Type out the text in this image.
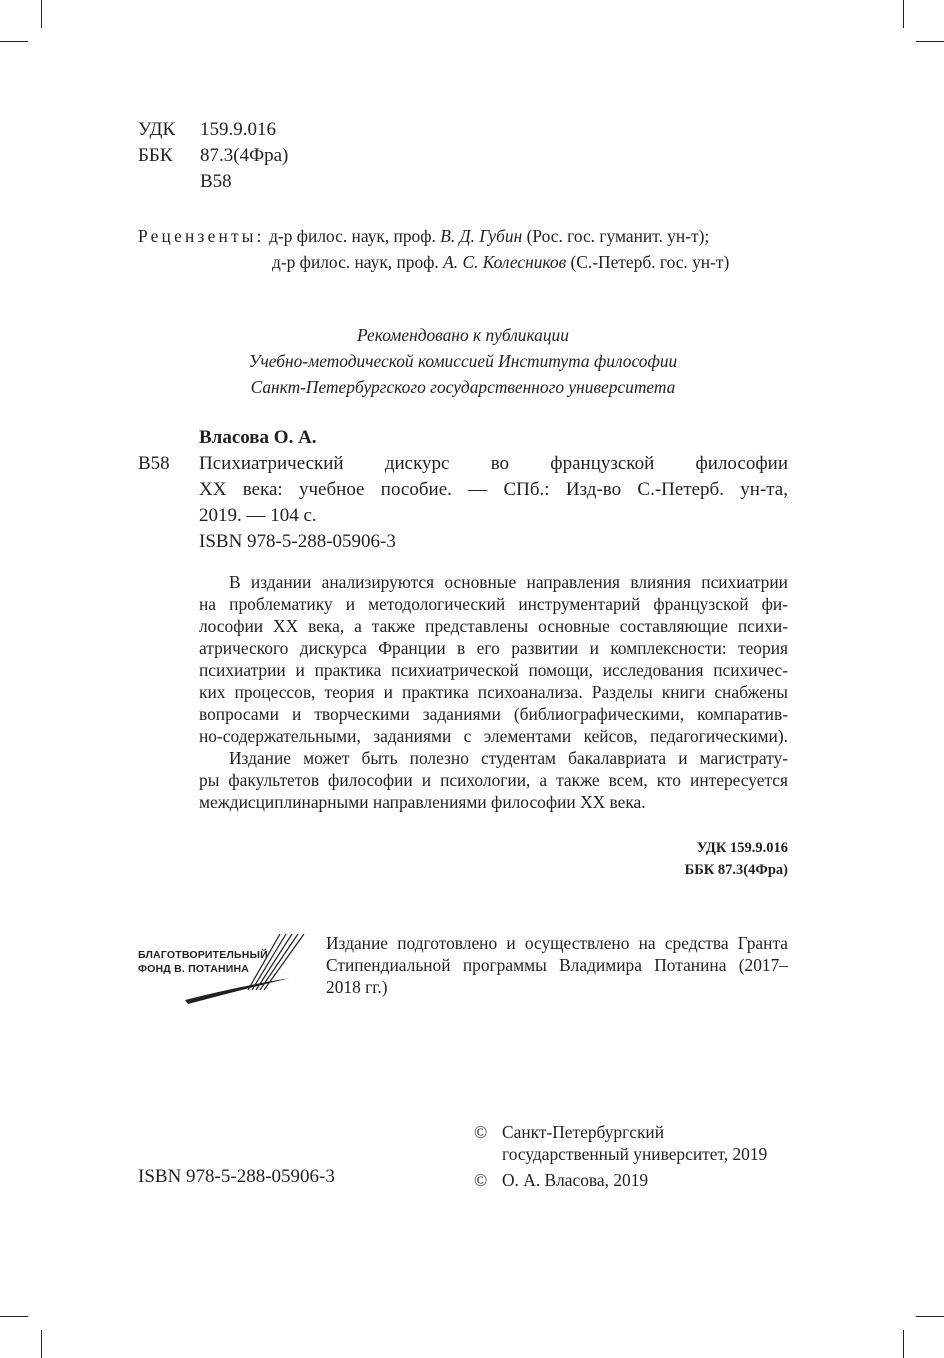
УДК 159.9.016
ББК 87.3(4Фра)
В58
Рецензенты: д-р филос. наук, проф. В. Д. Губин (Рос. гос. гуманит. ун-т);
д-р филос. наук, проф. А. С. Колесников (С.-Петерб. гос. ун-т)
Рекомендовано к публикации
Учебно-методической комиссией Института философии
Санкт-Петербургского государственного университета
Власова О. А.
В58 Психиатрический дискурс во французской философии
XX века: учебное пособие. — СПб.: Изд-во С.-Петерб. ун-та,
2019. — 104 с.
ISBN 978-5-288-05906-3
В издании анализируются основные направления влияния психиатрии
на проблематику и методологический инструментарий французской фи-
лософии XX века, а также представлены основные составляющие психи-
атрического дискурса Франции в его развитии и комплексности: теория
психиатрии и практика психиатрической помощи, исследования психичес-
ких процессов, теория и практика психоанализа. Разделы книги снабжены
вопросами и творческими заданиями (библиографическими, компаратив-
но-содержательными, заданиями с элементами кейсов, педагогическими).
Издание может быть полезно студентам бакалавриата и магистрату-
ры факультетов философии и психологии, а также всем, кто интересуется
междисциплинарными направлениями философии XX века.
УДК 159.9.016
ББК 87.3(4Фра)
БЛАГОТВОРИТЕЛЬНЫЙ
ФОНД В. ПОТАНИНА
Издание подготовлено и осуществлено на средства Гранта
Стипендиальной программы Владимира Потанина (2017–
2018 гг.)
ISBN 978-5-288-05906-3
© Санкт-Петербургский
государственный университет, 2019
© О. А. Власова, 2019
